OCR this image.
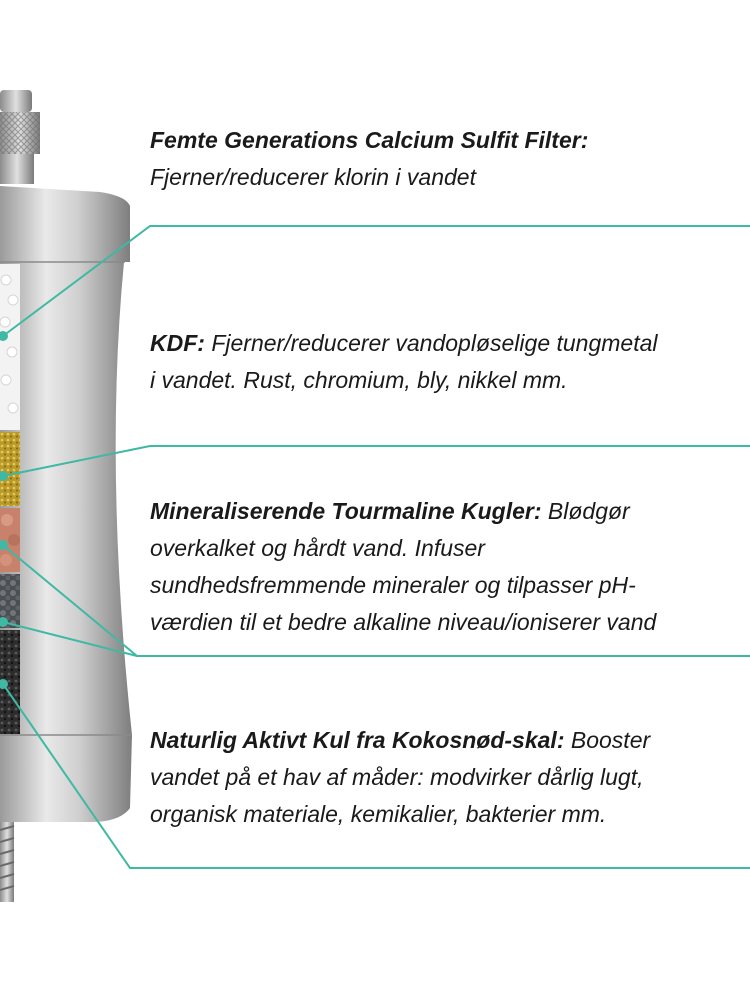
Femte Generations Calcium Sulfit Filter:
Fjerner/reducerer klorin i vandet
KDF: Fjerner/reducerer vandopløselige tungmetal
i vandet. Rust, chromium, bly, nikkel mm.
Mineraliserende Tourmaline Kugler: Blødgør
overkalket og hårdt vand. Infuser
sundhedsfremmende mineraler og tilpasser pH-
værdien til et bedre alkaline niveau/ioniserer vand
Naturlig Aktivt Kul fra Kokosnød-skal: Booster
vandet på et hav af måder: modvirker dårlig lugt,
organisk materiale, kemikalier, bakterier mm.
